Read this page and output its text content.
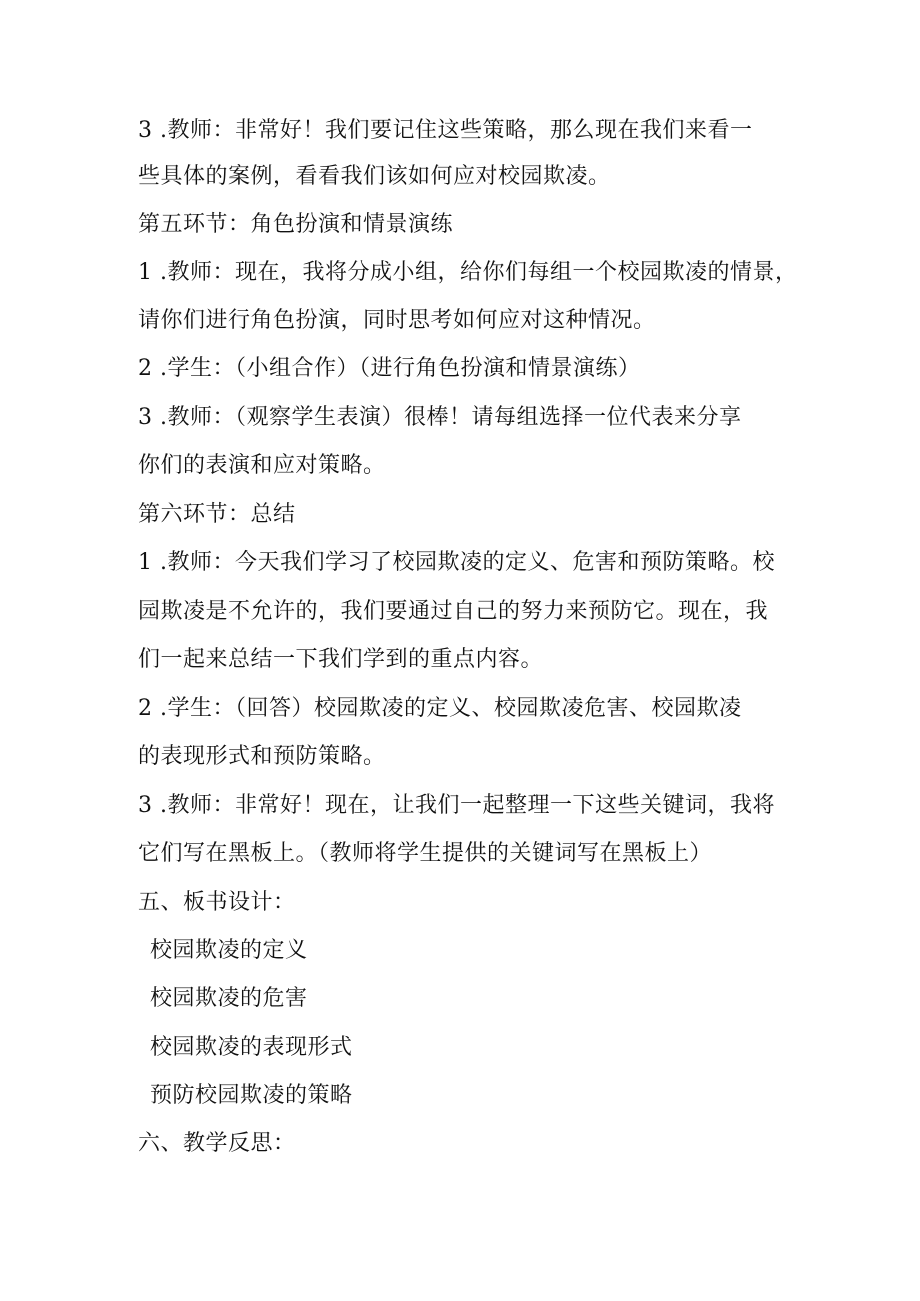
3 .教师：非常好！我们要记住这些策略，那么现在我们来看一
些具体的案例，看看我们该如何应对校园欺凌。
第五环节：角色扮演和情景演练
1 .教师：现在，我将分成小组，给你们每组一个校园欺凌的情景，
请你们进行角色扮演，同时思考如何应对这种情况。
2 .学生：（小组合作）（进行角色扮演和情景演练）
3 .教师：（观察学生表演）很棒！请每组选择一位代表来分享
你们的表演和应对策略。
第六环节：总结
1 .教师：今天我们学习了校园欺凌的定义、危害和预防策略。校
园欺凌是不允许的，我们要通过自己的努力来预防它。现在，我
们一起来总结一下我们学到的重点内容。
2 .学生：（回答）校园欺凌的定义、校园欺凌危害、校园欺凌
的表现形式和预防策略。
3 .教师：非常好！现在，让我们一起整理一下这些关键词，我将
它们写在黑板上。（教师将学生提供的关键词写在黑板上）
五、板书设计：
校园欺凌的定义
校园欺凌的危害
校园欺凌的表现形式
预防校园欺凌的策略
六、教学反思：
